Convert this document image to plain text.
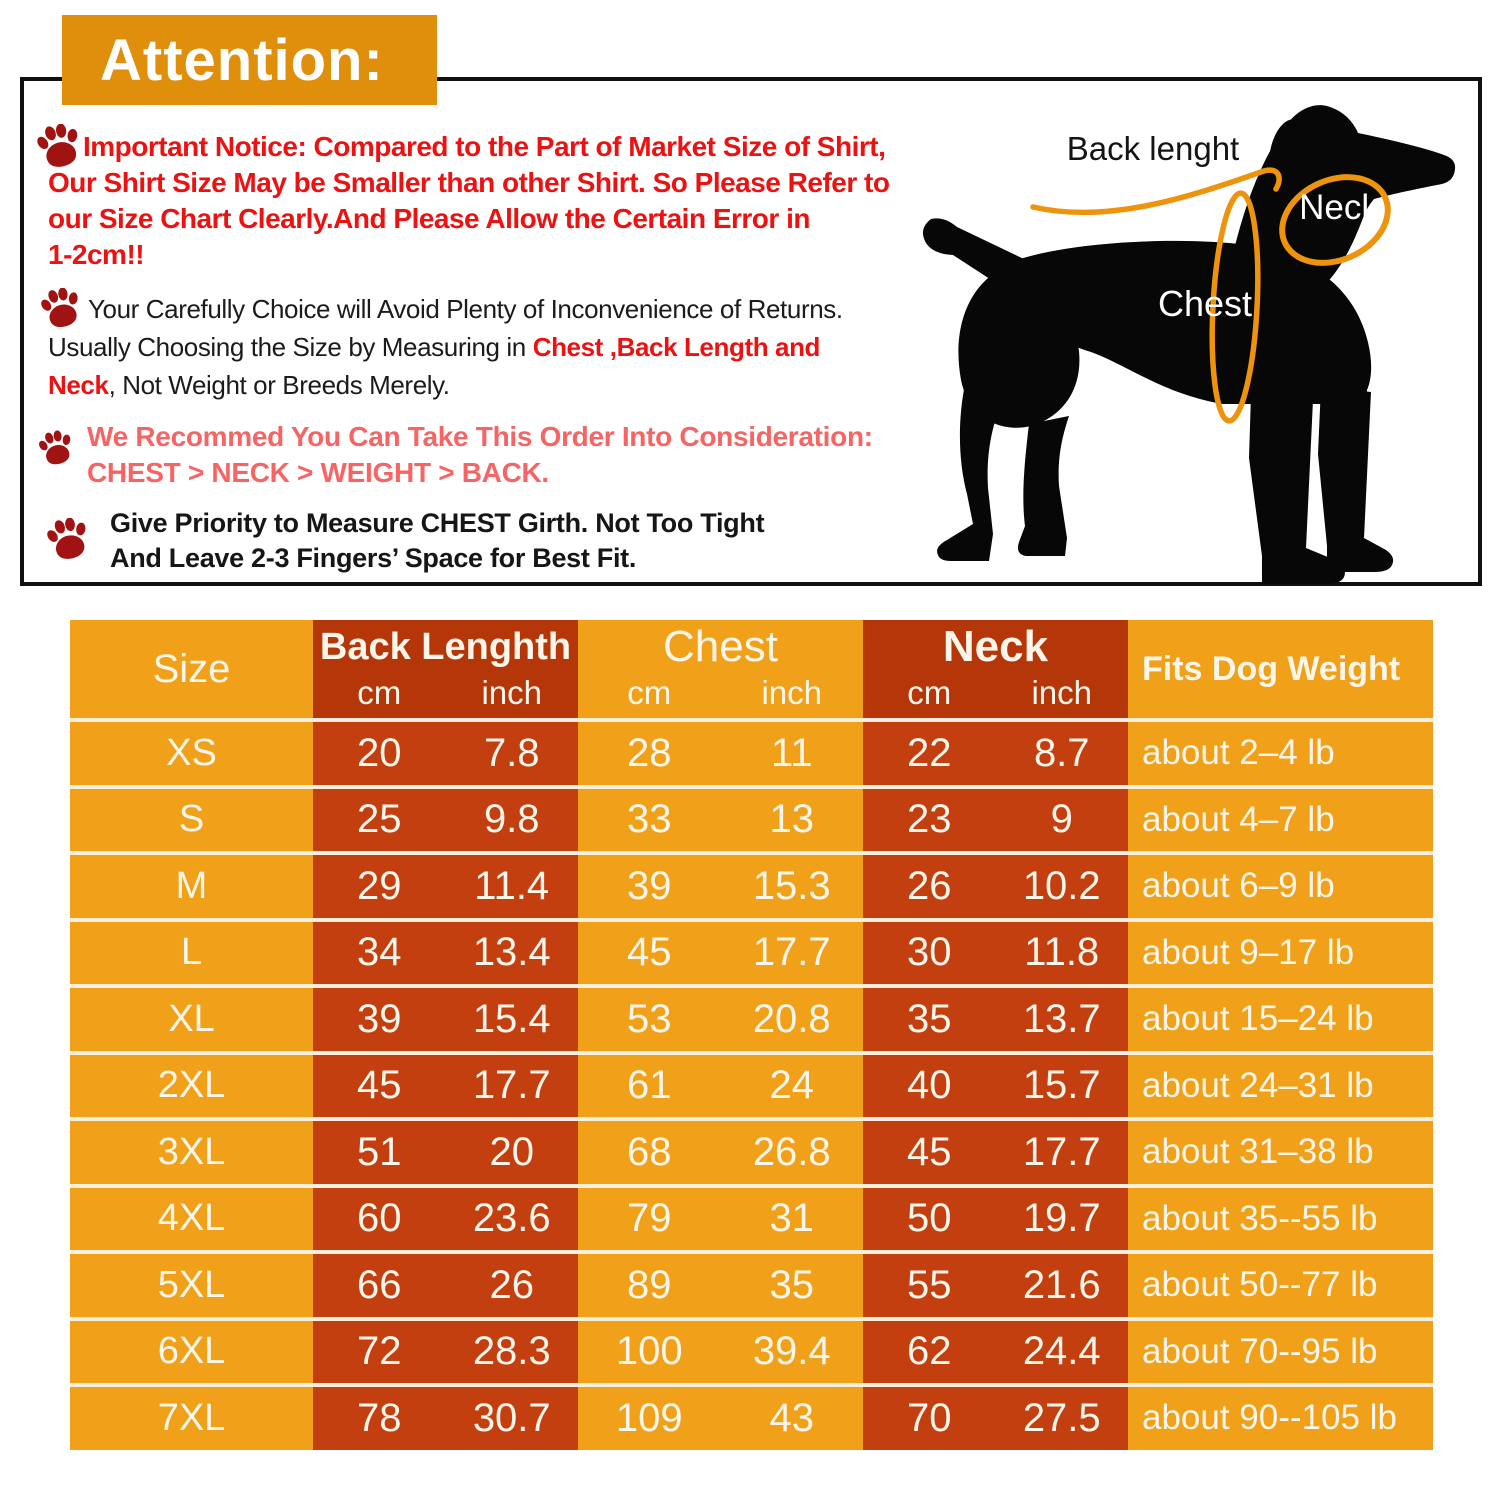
Attention:
Important Notice: Compared to the Part of Market Size of Shirt,
Our Shirt Size May be Smaller than other Shirt. So Please Refer to
our Size Chart Clearly.And Please Allow the Certain Error in
1-2cm!!
Your Carefully Choice will Avoid Plenty of Inconvenience of Returns.
Usually Choosing the Size by Measuring in Chest ,Back Length and
Neck, Not Weight or Breeds Merely.
We Recommed You Can Take This Order Into Consideration:
CHEST > NECK > WEIGHT > BACK.
Give Priority to Measure CHEST Girth. Not Too Tight
And Leave 2-3 Fingers’ Space for Best Fit.
Back lenght
Neck
Chest
Size	Back Lenghth
cm	inch
Chest
cm	inch
Neck
cm	inch
Fits Dog Weight
XS	20	7.8	28	11	22	8.7	about 2–4 lb
S	25	9.8	33	13	23	9	about 4–7 lb
M	29	11.4	39	15.3	26	10.2	about 6–9 lb
L	34	13.4	45	17.7	30	11.8	about 9–17 lb
XL	39	15.4	53	20.8	35	13.7	about 15–24 lb
2XL	45	17.7	61	24	40	15.7	about 24–31 lb
3XL	51	20	68	26.8	45	17.7	about 31–38 lb
4XL	60	23.6	79	31	50	19.7	about 35--55 lb
5XL	66	26	89	35	55	21.6	about 50--77 lb
6XL	72	28.3	100	39.4	62	24.4	about 70--95 lb
7XL	78	30.7	109	43	70	27.5	about 90--105 lb
